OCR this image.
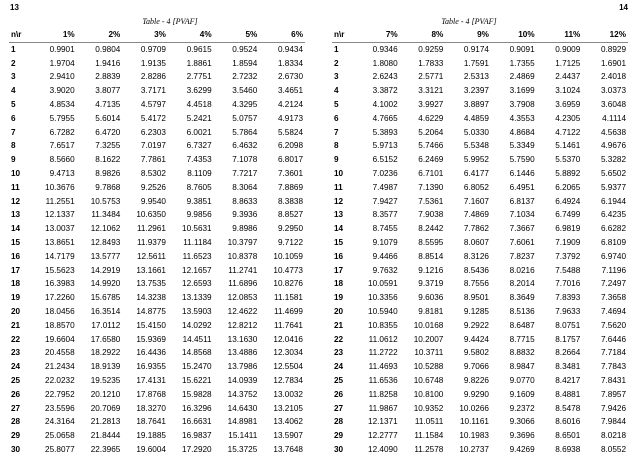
13	14
Table - 4 [PVAF]	Table - 4 [PVAF]
n\r	1%	2%	3%	4%	5%	6%
1	0.9901	0.9804	0.9709	0.9615	0.9524	0.9434
2	1.9704	1.9416	1.9135	1.8861	1.8594	1.8334
3	2.9410	2.8839	2.8286	2.7751	2.7232	2.6730
4	3.9020	3.8077	3.7171	3.6299	3.5460	3.4651
5	4.8534	4.7135	4.5797	4.4518	4.3295	4.2124
6	5.7955	5.6014	5.4172	5.2421	5.0757	4.9173
7	6.7282	6.4720	6.2303	6.0021	5.7864	5.5824
8	7.6517	7.3255	7.0197	6.7327	6.4632	6.2098
9	8.5660	8.1622	7.7861	7.4353	7.1078	6.8017
10	9.4713	8.9826	8.5302	8.1109	7.7217	7.3601
11	10.3676	9.7868	9.2526	8.7605	8.3064	7.8869
12	11.2551	10.5753	9.9540	9.3851	8.8633	8.3838
13	12.1337	11.3484	10.6350	9.9856	9.3936	8.8527
14	13.0037	12.1062	11.2961	10.5631	9.8986	9.2950
15	13.8651	12.8493	11.9379	11.1184	10.3797	9.7122
16	14.7179	13.5777	12.5611	11.6523	10.8378	10.1059
17	15.5623	14.2919	13.1661	12.1657	11.2741	10.4773
18	16.3983	14.9920	13.7535	12.6593	11.6896	10.8276
19	17.2260	15.6785	14.3238	13.1339	12.0853	11.1581
20	18.0456	16.3514	14.8775	13.5903	12.4622	11.4699
21	18.8570	17.0112	15.4150	14.0292	12.8212	11.7641
22	19.6604	17.6580	15.9369	14.4511	13.1630	12.0416
23	20.4558	18.2922	16.4436	14.8568	13.4886	12.3034
24	21.2434	18.9139	16.9355	15.2470	13.7986	12.5504
25	22.0232	19.5235	17.4131	15.6221	14.0939	12.7834
26	22.7952	20.1210	17.8768	15.9828	14.3752	13.0032
27	23.5596	20.7069	18.3270	16.3296	14.6430	13.2105
28	24.3164	21.2813	18.7641	16.6631	14.8981	13.4062
29	25.0658	21.8444	19.1885	16.9837	15.1411	13.5907
30	25.8077	22.3965	19.6004	17.2920	15.3725	13.7648
n\r	7%	8%	9%	10%	11%	12%
1	0.9346	0.9259	0.9174	0.9091	0.9009	0.8929
2	1.8080	1.7833	1.7591	1.7355	1.7125	1.6901
3	2.6243	2.5771	2.5313	2.4869	2.4437	2.4018
4	3.3872	3.3121	3.2397	3.1699	3.1024	3.0373
5	4.1002	3.9927	3.8897	3.7908	3.6959	3.6048
6	4.7665	4.6229	4.4859	4.3553	4.2305	4.1114
7	5.3893	5.2064	5.0330	4.8684	4.7122	4.5638
8	5.9713	5.7466	5.5348	5.3349	5.1461	4.9676
9	6.5152	6.2469	5.9952	5.7590	5.5370	5.3282
10	7.0236	6.7101	6.4177	6.1446	5.8892	5.6502
11	7.4987	7.1390	6.8052	6.4951	6.2065	5.9377
12	7.9427	7.5361	7.1607	6.8137	6.4924	6.1944
13	8.3577	7.9038	7.4869	7.1034	6.7499	6.4235
14	8.7455	8.2442	7.7862	7.3667	6.9819	6.6282
15	9.1079	8.5595	8.0607	7.6061	7.1909	6.8109
16	9.4466	8.8514	8.3126	7.8237	7.3792	6.9740
17	9.7632	9.1216	8.5436	8.0216	7.5488	7.1196
18	10.0591	9.3719	8.7556	8.2014	7.7016	7.2497
19	10.3356	9.6036	8.9501	8.3649	7.8393	7.3658
20	10.5940	9.8181	9.1285	8.5136	7.9633	7.4694
21	10.8355	10.0168	9.2922	8.6487	8.0751	7.5620
22	11.0612	10.2007	9.4424	8.7715	8.1757	7.6446
23	11.2722	10.3711	9.5802	8.8832	8.2664	7.7184
24	11.4693	10.5288	9.7066	8.9847	8.3481	7.7843
25	11.6536	10.6748	9.8226	9.0770	8.4217	7.8431
26	11.8258	10.8100	9.9290	9.1609	8.4881	7.8957
27	11.9867	10.9352	10.0266	9.2372	8.5478	7.9426
28	12.1371	11.0511	10.1161	9.3066	8.6016	7.9844
29	12.2777	11.1584	10.1983	9.3696	8.6501	8.0218
30	12.4090	11.2578	10.2737	9.4269	8.6938	8.0552
